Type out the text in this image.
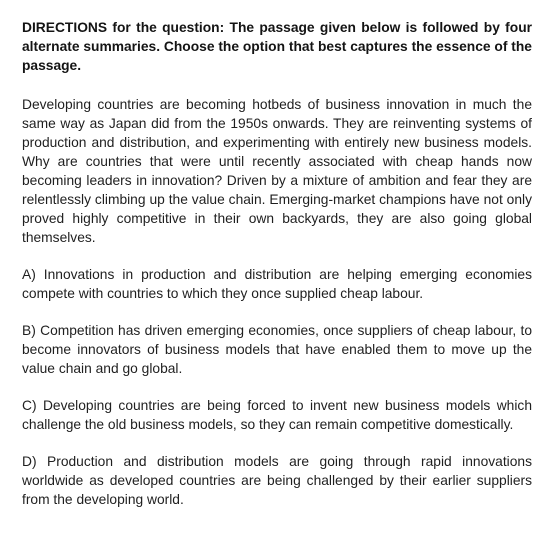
DIRECTIONS for the question: The passage given below is followed by four alternate summaries. Choose the option that best captures the essence of the passage.

Developing countries are becoming hotbeds of business innovation in much the same way as Japan did from the 1950s onwards. They are reinventing systems of production and distribution, and experimenting with entirely new business models. Why are countries that were until recently associated with cheap hands now becoming leaders in innovation? Driven by a mixture of ambition and fear they are relentlessly climbing up the value chain. Emerging-market champions have not only proved highly competitive in their own backyards, they are also going global themselves.

A) Innovations in production and distribution are helping emerging economies compete with countries to which they once supplied cheap labour.
B) Competition has driven emerging economies, once suppliers of cheap labour, to become innovators of business models that have enabled them to move up the value chain and go global.
C) Developing countries are being forced to invent new business models which challenge the old business models, so they can remain competitive domestically.
D) Production and distribution models are going through rapid innovations worldwide as developed countries are being challenged by their earlier suppliers from the developing world.
